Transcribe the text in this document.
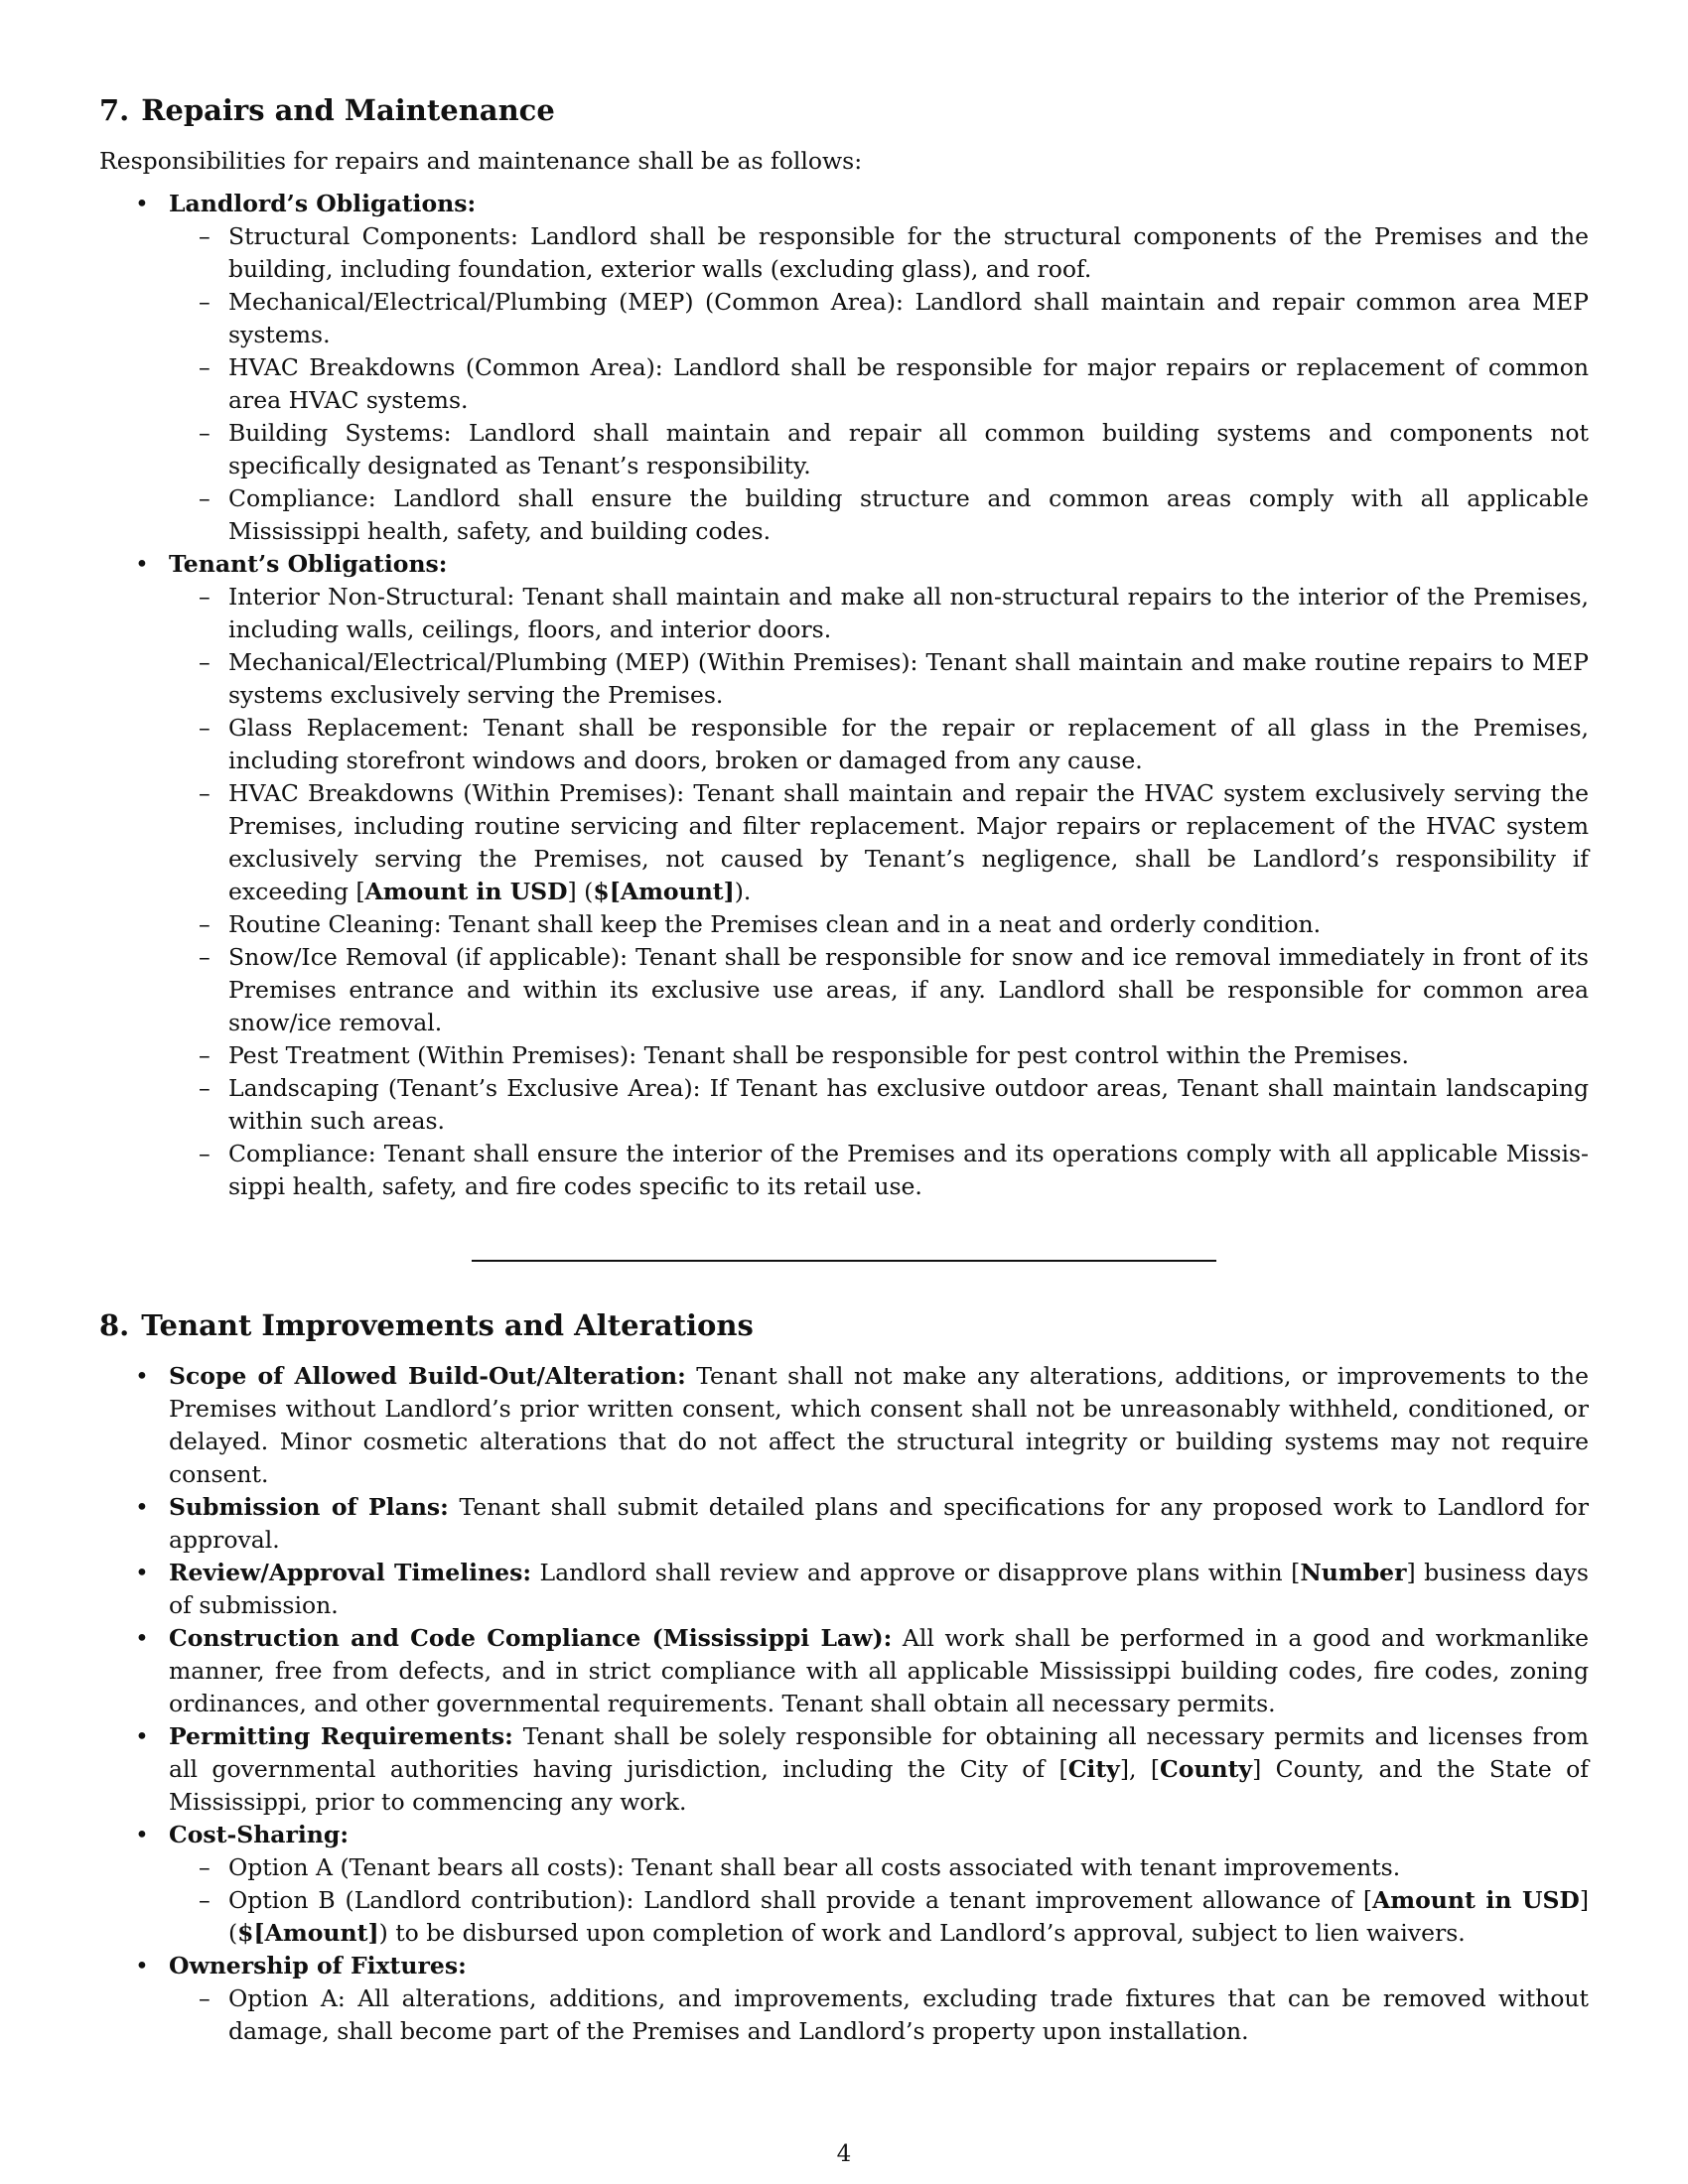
7. Repairs and Maintenance

Responsibilities for repairs and maintenance shall be as follows:

• Landlord’s Obligations:
– Structural Components: Landlord shall be responsible for the structural components of the Premises and the building, including foundation, exterior walls (excluding glass), and roof.
– Mechanical/Electrical/Plumbing (MEP) (Common Area): Landlord shall maintain and repair common area MEP systems.
– HVAC Breakdowns (Common Area): Landlord shall be responsible for major repairs or replacement of common area HVAC systems.
– Building Systems: Landlord shall maintain and repair all common building systems and components not specifically designated as Tenant’s responsibility.
– Compliance: Landlord shall ensure the building structure and common areas comply with all applicable Mississippi health, safety, and building codes.
• Tenant’s Obligations:
– Interior Non-Structural: Tenant shall maintain and make all non-structural repairs to the interior of the Premises, including walls, ceilings, floors, and interior doors.
– Mechanical/Electrical/Plumbing (MEP) (Within Premises): Tenant shall maintain and make routine repairs to MEP systems exclusively serving the Premises.
– Glass Replacement: Tenant shall be responsible for the repair or replacement of all glass in the Premises, including storefront windows and doors, broken or damaged from any cause.
– HVAC Breakdowns (Within Premises): Tenant shall maintain and repair the HVAC system exclusively serving the Premises, including routine servicing and filter replacement. Major repairs or replacement of the HVAC system exclusively serving the Premises, not caused by Tenant’s negligence, shall be Landlord’s responsibility if exceeding [Amount in USD] ($[Amount]).
– Routine Cleaning: Tenant shall keep the Premises clean and in a neat and orderly condition.
– Snow/Ice Removal (if applicable): Tenant shall be responsible for snow and ice removal immediately in front of its Premises entrance and within its exclusive use areas, if any. Landlord shall be responsible for common area snow/ice removal.
– Pest Treatment (Within Premises): Tenant shall be responsible for pest control within the Premises.
– Landscaping (Tenant’s Exclusive Area): If Tenant has exclusive outdoor areas, Tenant shall maintain landscaping within such areas.
– Compliance: Tenant shall ensure the interior of the Premises and its operations comply with all applicable Mississippi health, safety, and fire codes specific to its retail use.
8. Tenant Improvements and Alterations
• Scope of Allowed Build-Out/Alteration: Tenant shall not make any alterations, additions, or improvements to the Premises without Landlord’s prior written consent, which consent shall not be unreasonably withheld, conditioned, or delayed. Minor cosmetic alterations that do not affect the structural integrity or building systems may not require consent.
• Submission of Plans: Tenant shall submit detailed plans and specifications for any proposed work to Landlord for approval.
• Review/Approval Timelines: Landlord shall review and approve or disapprove plans within [Number] business days of submission.
• Construction and Code Compliance (Mississippi Law): All work shall be performed in a good and workmanlike manner, free from defects, and in strict compliance with all applicable Mississippi building codes, fire codes, zoning ordinances, and other governmental requirements. Tenant shall obtain all necessary permits.
• Permitting Requirements: Tenant shall be solely responsible for obtaining all necessary permits and licenses from all governmental authorities having jurisdiction, including the City of [City], [County] County, and the State of Mississippi, prior to commencing any work.
• Cost-Sharing:
– Option A (Tenant bears all costs): Tenant shall bear all costs associated with tenant improvements.
– Option B (Landlord contribution): Landlord shall provide a tenant improvement allowance of [Amount in USD] ($[Amount]) to be disbursed upon completion of work and Landlord’s approval, subject to lien waivers.
• Ownership of Fixtures:
– Option A: All alterations, additions, and improvements, excluding trade fixtures that can be removed without damage, shall become part of the Premises and Landlord’s property upon installation.
4
